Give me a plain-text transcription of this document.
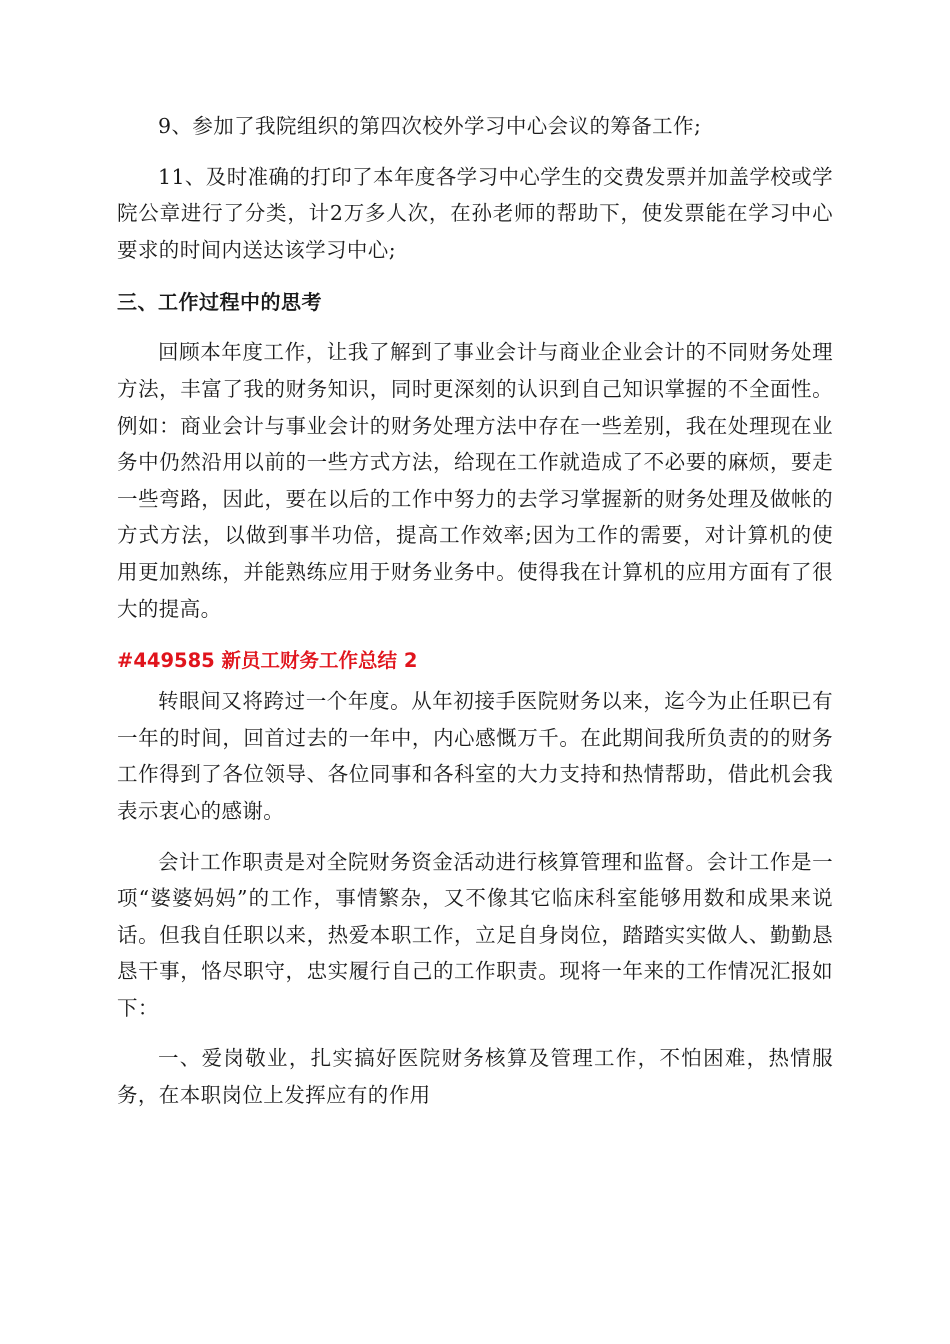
9、参加了我院组织的第四次校外学习中心会议的筹备工作;

11、及时准确的打印了本年度各学习中心学生的交费发票并加盖学校或学院公章进行了分类，计2万多人次，在孙老师的帮助下，使发票能在学习中心要求的时间内送达该学习中心;

三、工作过程中的思考

回顾本年度工作，让我了解到了事业会计与商业企业会计的不同财务处理方法，丰富了我的财务知识，同时更深刻的认识到自己知识掌握的不全面性。例如：商业会计与事业会计的财务处理方法中存在一些差别，我在处理现在业务中仍然沿用以前的一些方式方法，给现在工作就造成了不必要的麻烦，要走一些弯路，因此，要在以后的工作中努力的去学习掌握新的财务处理及做帐的方式方法，以做到事半功倍，提高工作效率;因为工作的需要，对计算机的使用更加熟练，并能熟练应用于财务业务中。使得我在计算机的应用方面有了很大的提高。

#449585 新员工财务工作总结 2

转眼间又将跨过一个年度。从年初接手医院财务以来，迄今为止任职已有一年的时间，回首过去的一年中，内心感慨万千。在此期间我所负责的的财务工作得到了各位领导、各位同事和各科室的大力支持和热情帮助，借此机会我表示衷心的感谢。

会计工作职责是对全院财务资金活动进行核算管理和监督。会计工作是一项“婆婆妈妈”的工作，事情繁杂，又不像其它临床科室能够用数和成果来说话。但我自任职以来，热爱本职工作，立足自身岗位，踏踏实实做人、勤勤恳恳干事，恪尽职守，忠实履行自己的工作职责。现将一年来的工作情况汇报如下：

一、爱岗敬业，扎实搞好医院财务核算及管理工作，不怕困难，热情服务，在本职岗位上发挥应有的作用
